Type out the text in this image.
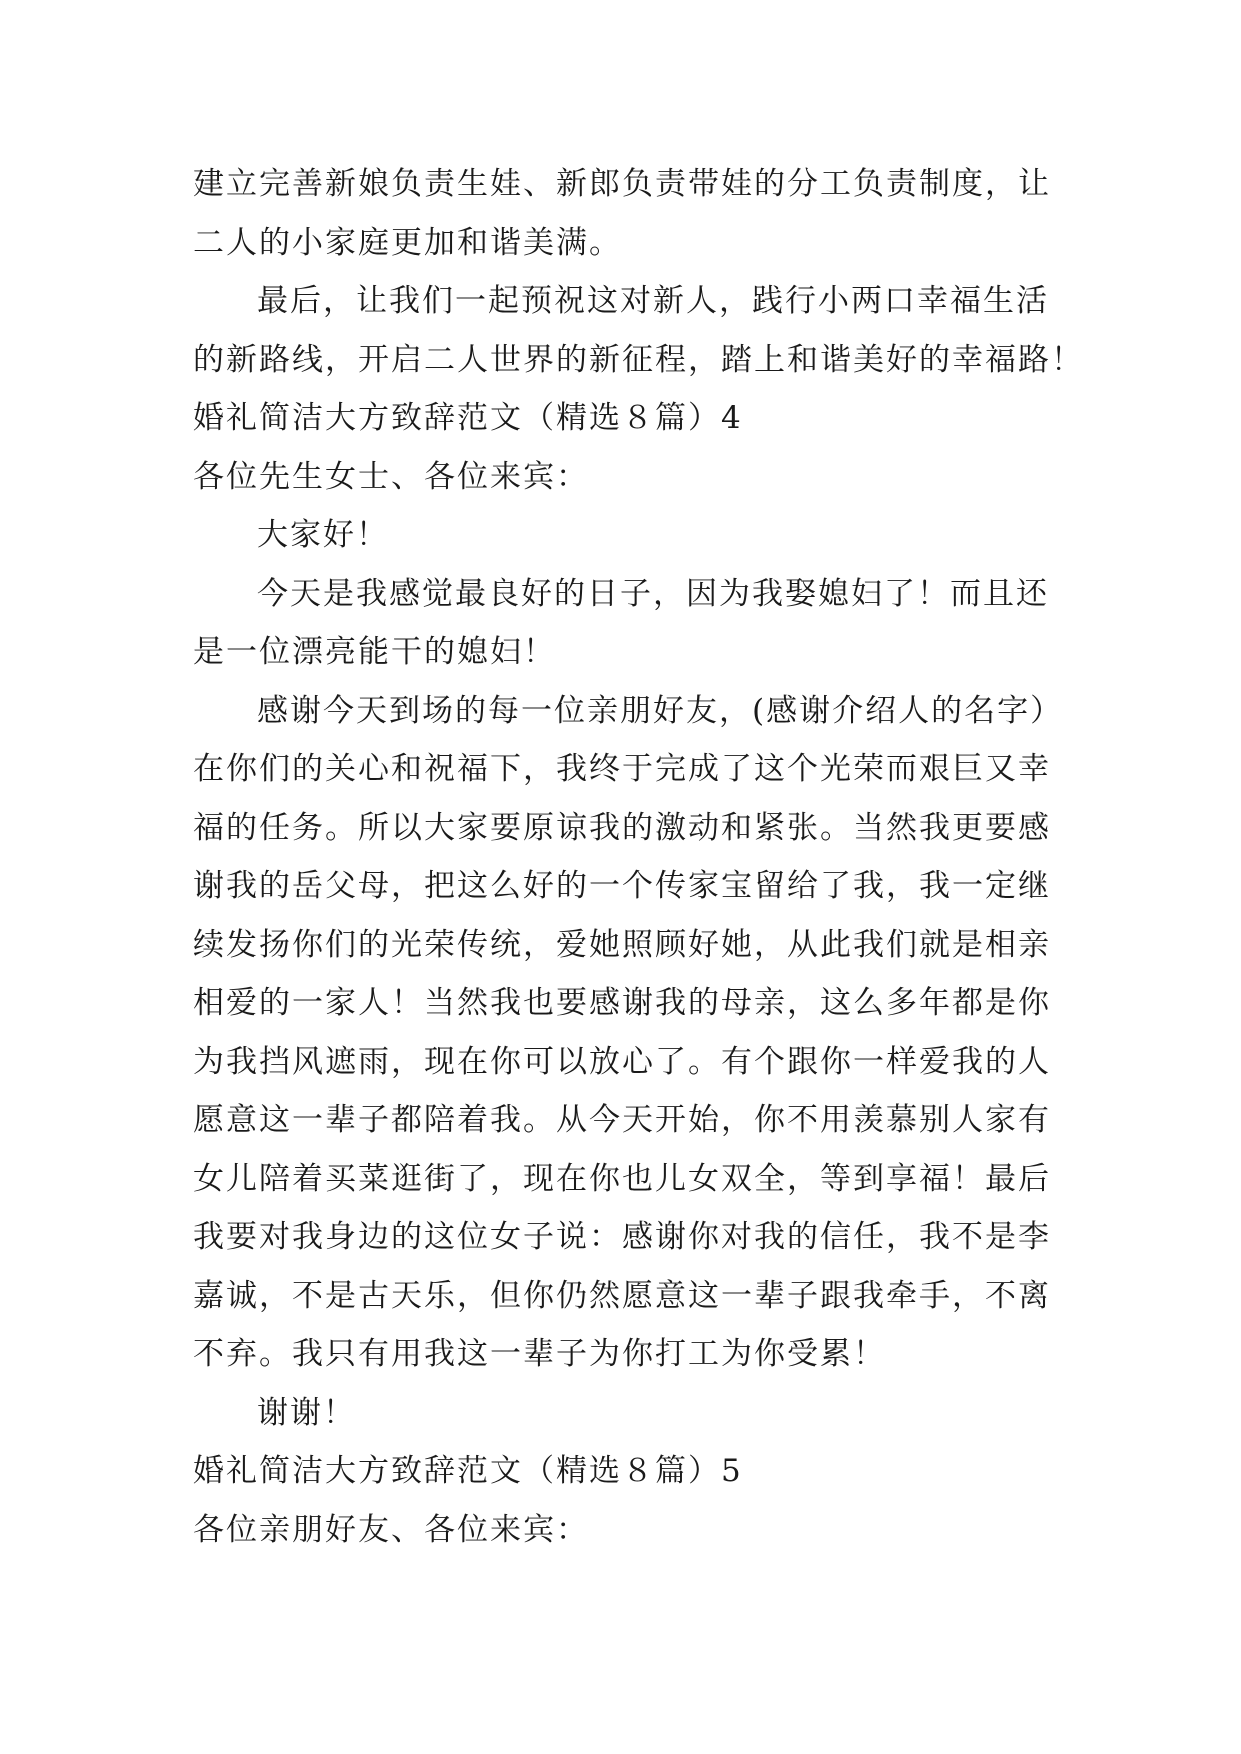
建立完善新娘负责生娃、新郎负责带娃的分工负责制度，让
二人的小家庭更加和谐美满。
最后，让我们一起预祝这对新人，践行小两口幸福生活
的新路线，开启二人世界的新征程，踏上和谐美好的幸福路！
婚礼简洁大方致辞范文（精选８篇）4
各位先生女士、各位来宾：
大家好！
今天是我感觉最良好的日子，因为我娶媳妇了！而且还
是一位漂亮能干的媳妇！
感谢今天到场的每一位亲朋好友，(感谢介绍人的名字）
在你们的关心和祝福下，我终于完成了这个光荣而艰巨又幸
福的任务。所以大家要原谅我的激动和紧张。当然我更要感
谢我的岳父母，把这么好的一个传家宝留给了我，我一定继
续发扬你们的光荣传统，爱她照顾好她，从此我们就是相亲
相爱的一家人！当然我也要感谢我的母亲，这么多年都是你
为我挡风遮雨，现在你可以放心了。有个跟你一样爱我的人
愿意这一辈子都陪着我。从今天开始，你不用羡慕别人家有
女儿陪着买菜逛街了，现在你也儿女双全，等到享福！最后
我要对我身边的这位女子说：感谢你对我的信任，我不是李
嘉诚，不是古天乐，但你仍然愿意这一辈子跟我牵手，不离
不弃。我只有用我这一辈子为你打工为你受累！
谢谢！
婚礼简洁大方致辞范文（精选８篇）5
各位亲朋好友、各位来宾：
